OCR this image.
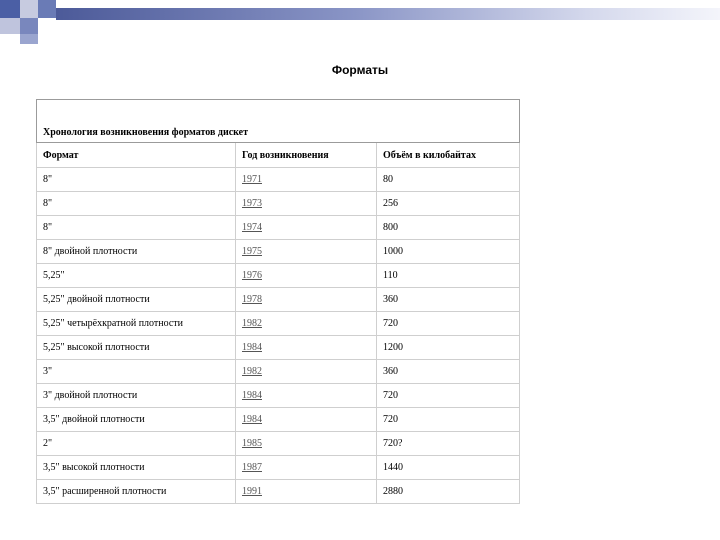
Форматы
Хронология возникновения форматов дискет		
Формат	Год возникновения	Объём в килобайтах
8"	1971	80
8"	1973	256
8"	1974	800
8" двойной плотности	1975	1000
5,25"	1976	110
5,25" двойной плотности	1978	360
5,25" четырёхкратной плотности	1982	720
5,25" высокой плотности	1984	1200
3"	1982	360
3" двойной плотности	1984	720
3,5" двойной плотности	1984	720
2"	1985	720?
3,5" высокой плотности	1987	1440
3,5" расширенной плотности	1991	2880
